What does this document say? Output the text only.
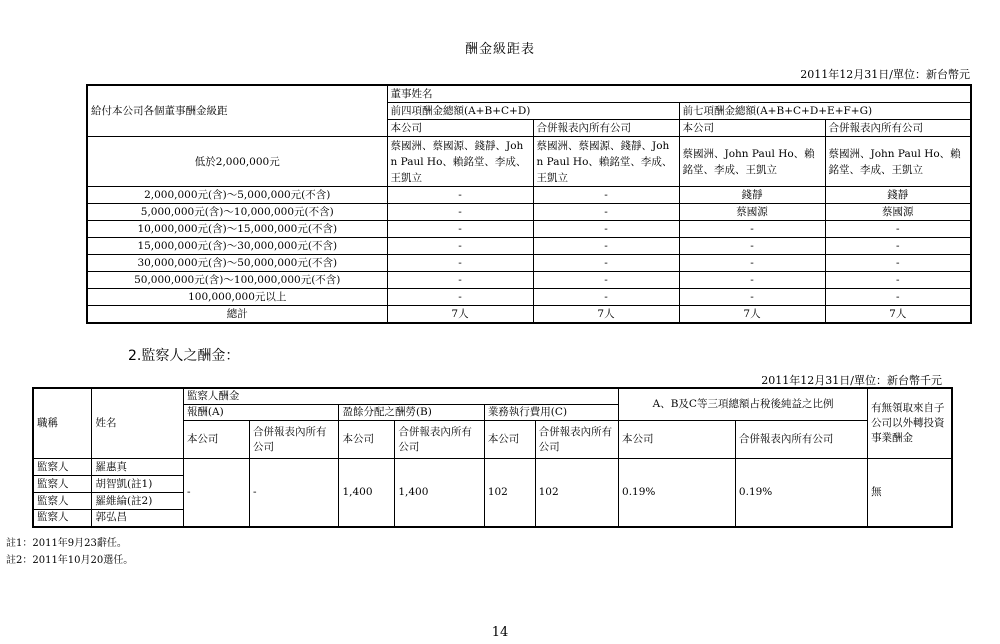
酬金級距表
2011年12月31日/單位：新台幣元
給付本公司各個董事酬金級距	董事姓名			
	前四項酬金總額(A+B+C+D)		前七項酬金總額(A+B+C+D+E+F+G)	
	本公司	合併報表內所有公司	本公司	合併報表內所有公司
低於2,000,000元	蔡國洲、蔡國源、錢靜、John Paul Ho、賴銘堂、李成、王凱立	蔡國洲、蔡國源、錢靜、John Paul Ho、賴銘堂、李成、王凱立	蔡國洲、John Paul Ho、賴銘堂、李成、王凱立	蔡國洲、John Paul Ho、賴銘堂、李成、王凱立
2,000,000元(含)～5,000,000元(不含)	-	-	錢靜	錢靜
5,000,000元(含)～10,000,000元(不含)	-	-	蔡國源	蔡國源
10,000,000元(含)～15,000,000元(不含)	-	-	-	-
15,000,000元(含)～30,000,000元(不含)	-	-	-	-
30,000,000元(含)～50,000,000元(不含)	-	-	-	-
50,000,000元(含)～100,000,000元(不含)	-	-	-	-
100,000,000元以上	-	-	-	-
總計	7人	7人	7人	7人
2.監察人之酬金：
2011年12月31日/單位：新台幣千元
職稱	姓名	監察人酬金						A、B及C等三項總額占稅後純益之比例		有無領取來自子公司以外轉投資事業酬金
		報酬(A)		盈餘分配之酬勞(B)		業務執行費用(C)				
		本公司	合併報表內所有公司	本公司	合併報表內所有公司	本公司	合併報表內所有公司	本公司	合併報表內所有公司	
監察人	羅惠真	-	-	1,400	1,400	102	102	0.19%	0.19%	無
監察人	胡智凱(註1)									
監察人	羅維綸(註2)									
監察人	郭弘昌									
註1：2011年9月23辭任。
註2：2011年10月20選任。
14
